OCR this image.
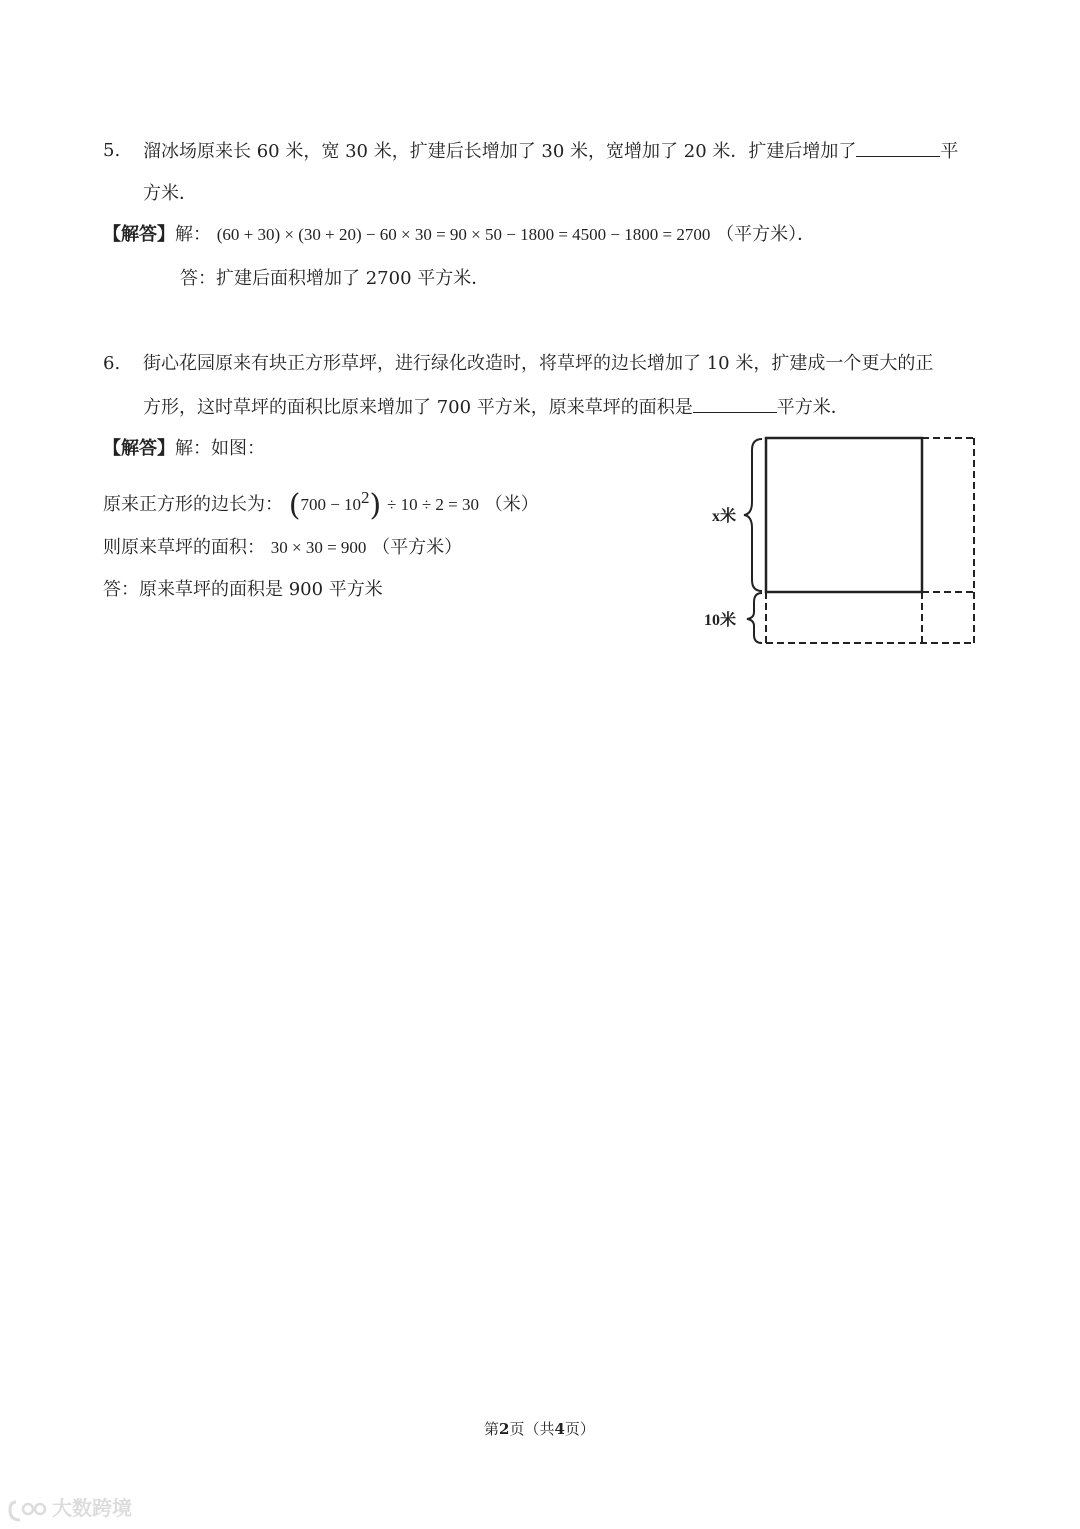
5. 溜冰场原来长 60 米，宽 30 米，扩建后长增加了 30 米，宽增加了 20 米．扩建后增加了	平
方米．
【解答】解： (60 + 30) × (30 + 20) − 60 × 30 = 90 × 50 − 1800 = 4500 − 1800 = 2700 （平方米）．
答：扩建后面积增加了 2700 平方米．
6. 街心花园原来有块正方形草坪，进行绿化改造时，将草坪的边长增加了 10 米，扩建成一个更大的正
方形，这时草坪的面积比原来增加了 700 平方米，原来草坪的面积是	平方米．
【解答】解：如图：
原来正方形的边长为： $(700 - 10^2) \div 10 \div 2 = 30$ （米）
则原来草坪的面积： 30 × 30 = 900 （平方米）
答：原来草坪的面积是 900 平方米
x米
10米
第2页（共4页）
大数跨境
